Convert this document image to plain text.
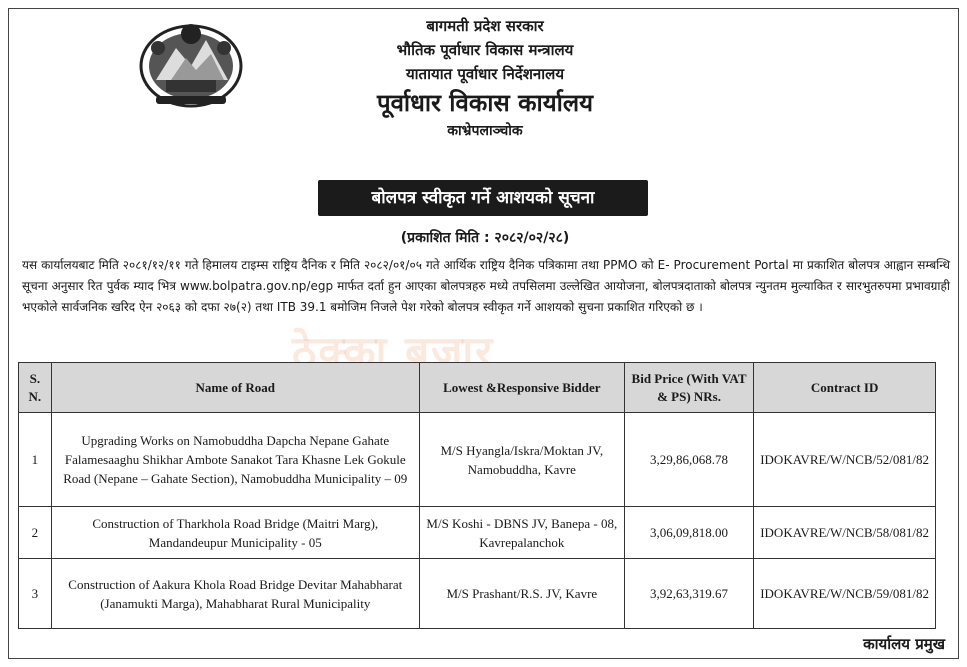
बागमती प्रदेश सरकार
भौतिक पूर्वाधार विकास मन्त्रालय
यातायात पूर्वाधार निर्देशनालय
पूर्वाधार विकास कार्यालय
काभ्रेपलाञ्चोक
बोलपत्र स्वीकृत गर्ने आशयको सूचना
(प्रकाशित मिति : २०८२/०२/२८)
यस कार्यालयबाट मिति २०८१/१२/११ गते हिमालय टाइम्स राष्ट्रिय दैनिक र मिति २०८२/०१/०५ गते आर्थिक राष्ट्रिय दैनिक पत्रिकामा तथा PPMO को E- Procurement Portal मा प्रकाशित बोलपत्र आह्वान सम्बन्धि सूचना अनुसार रित पुर्वक म्याद भित्र www.bolpatra.gov.np/egp मार्फत दर्ता हुन आएका बोलपत्रहरु मध्ये तपसिलमा उल्लेखित आयोजना, बोलपत्रदाताको बोलपत्र न्युनतम मुल्याकित र सारभुतरुपमा प्रभावग्राही भएकोले सार्वजनिक खरिद ऐन २०६३ को दफा २७(२) तथा ITB 39.1 बमोजिम निजले पेश गरेको बोलपत्र स्वीकृत गर्ने आशयको सुचना प्रकाशित गरिएको छ ।
ठेक्का बजार
S. N.	Name of Road	Lowest &Responsive Bidder	Bid Price (With VAT & PS) NRs.	Contract ID
1	Upgrading Works on Namobuddha Dapcha Nepane Gahate Falamesaaghu Shikhar Ambote Sanakot Tara Khasne Lek Gokule Road (Nepane – Gahate Section), Namobuddha Municipality – 09	M/S Hyangla/Iskra/Moktan JV, Namobuddha, Kavre	3,29,86,068.78	IDOKAVRE/W/NCB/52/081/82
2	Construction of Tharkhola Road Bridge (Maitri Marg), Mandandeupur Municipality - 05	M/S Koshi - DBNS JV, Banepa - 08, Kavrepalanchok	3,06,09,818.00	IDOKAVRE/W/NCB/58/081/82
3	Construction of Aakura Khola Road Bridge Devitar Mahabharat (Janamukti Marga), Mahabharat Rural Municipality	M/S Prashant/R.S. JV, Kavre	3,92,63,319.67	IDOKAVRE/W/NCB/59/081/82
कार्यालय प्रमुख
